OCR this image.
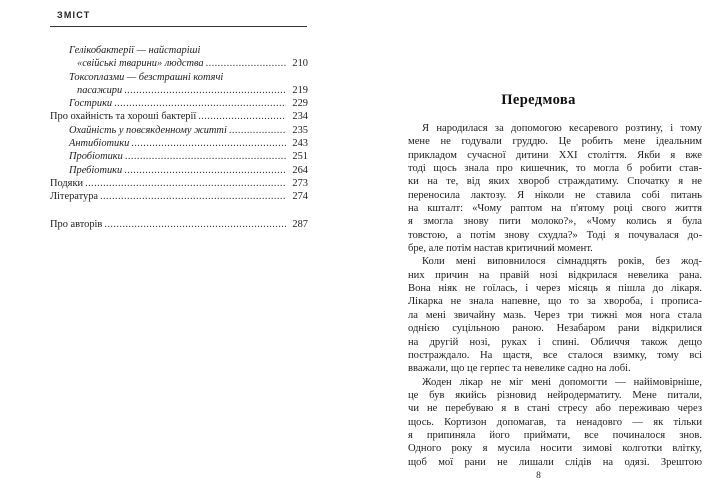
ЗМІСТ
Гелікобактерії — найстаріші
«свійські тварини» людства .....	210
Токсоплазми — безстрашні котячі
пасажири .....	219
Гострики .....	229
Про охайність та хороші бактерії .....	234
Охайність у повсякденному житті .....	235
Антибіотики .....	243
Пробіотики .....	251
Пребіотики .....	264
Подяки .....	273
Література .....	274
Про авторів .....	287
Передмова
Я народилася за допомогою кесаревого розтину, і тому
мене не годували груддю. Це робить мене ідеальним
прикладом сучасної дитини XXI століття. Якби я вже
тоді щось знала про кишечник, то могла б робити став-
ки на те, від яких хвороб страждатиму. Спочатку я не
переносила лактозу. Я ніколи не ставила собі питань
на кшталт: «Чому раптом на п'ятому році свого життя
я змогла знову пити молоко?», «Чому колись я була
товстою, а потім знову схудла?» Тоді я почувалася до-
бре, але потім настав критичний момент.
Коли мені виповнилося сімнадцять років, без жод-
них причин на правій нозі відкрилася невелика рана.
Вона ніяк не гоїлась, і через місяць я пішла до лікаря.
Лікарка не знала напевне, що то за хвороба, і прописа-
ла мені звичайну мазь. Через три тижні моя нога стала
однією суцільною раною. Незабаром рани відкрилися
на другій нозі, руках і спині. Обличчя також дещо
постраждало. На щастя, все сталося взимку, тому всі
вважали, що це герпес та невелике садно на лобі.
Жоден лікар не міг мені допомогти — найімовірніше,
це був якийсь різновид нейродерматиту. Мене питали,
чи не перебуваю я в стані стресу або переживаю через
щось. Кортизон допомагав, та ненадовго — як тільки
я припиняла його приймати, все починалося знов.
Одного року я мусила носити зимові колготки влітку,
щоб мої рани не лишали слідів на одязі. Зрештою
8
